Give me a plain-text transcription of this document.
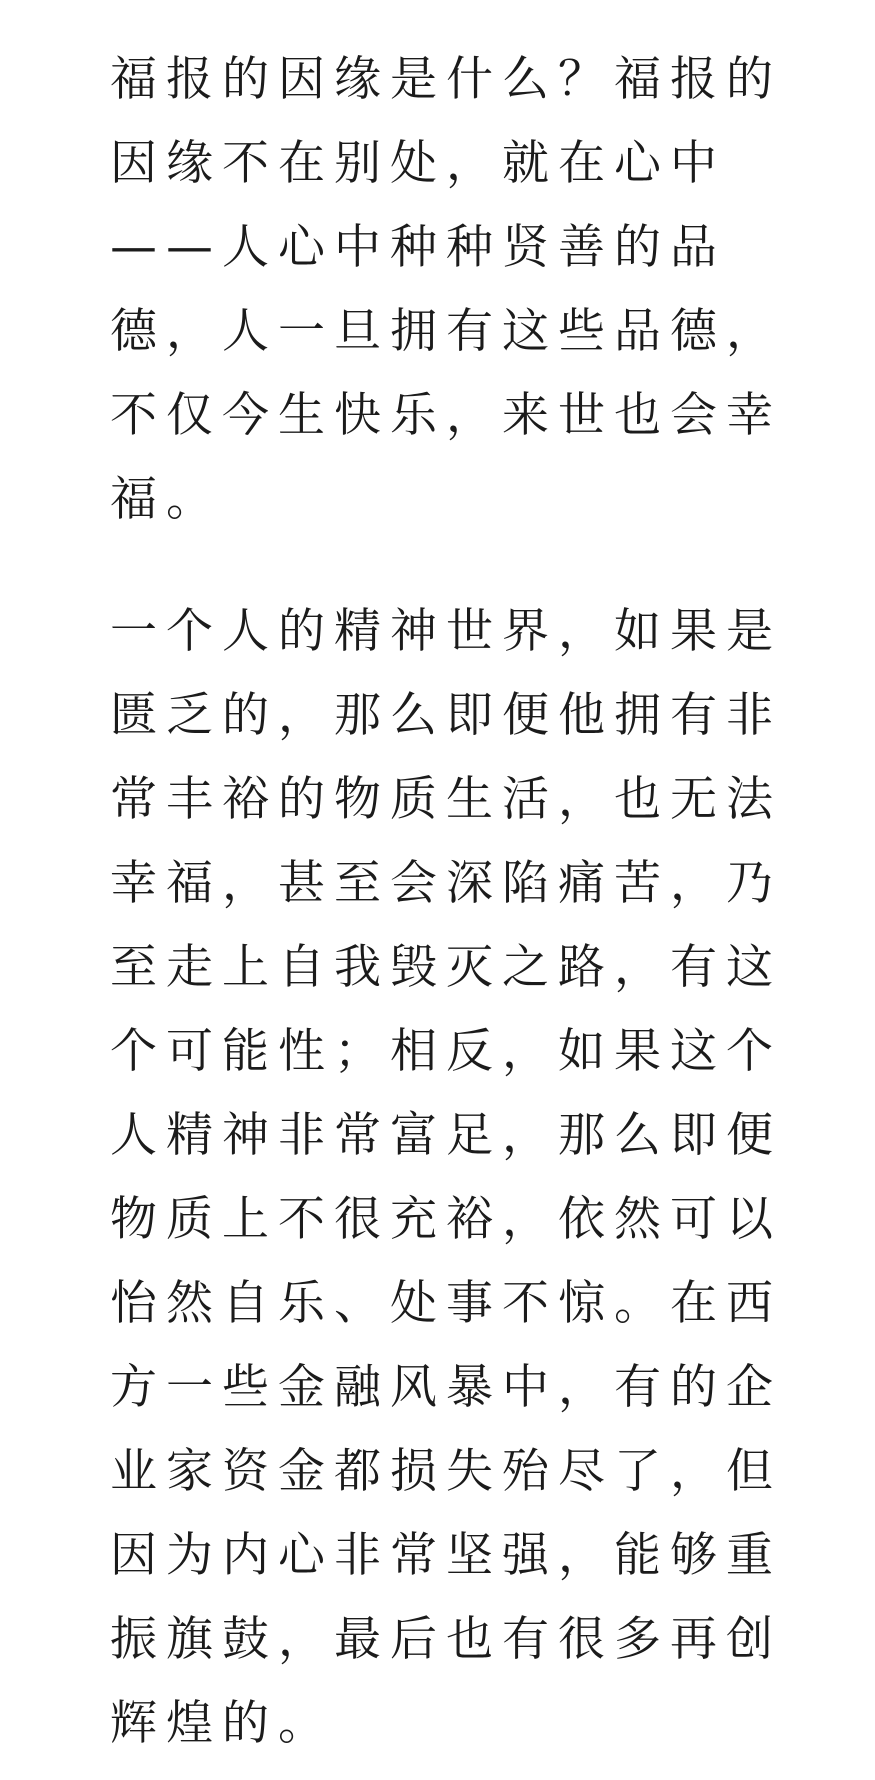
福报的因缘是什么？福报的
因缘不在别处，就在心中
——人心中种种贤善的品
德，人一旦拥有这些品德，
不仅今生快乐，来世也会幸
福。

一个人的精神世界，如果是
匮乏的，那么即便他拥有非
常丰裕的物质生活，也无法
幸福，甚至会深陷痛苦，乃
至走上自我毁灭之路，有这
个可能性；相反，如果这个
人精神非常富足，那么即便
物质上不很充裕，依然可以
怡然自乐、处事不惊。在西
方一些金融风暴中，有的企
业家资金都损失殆尽了，但
因为内心非常坚强，能够重
振旗鼓，最后也有很多再创
辉煌的。
